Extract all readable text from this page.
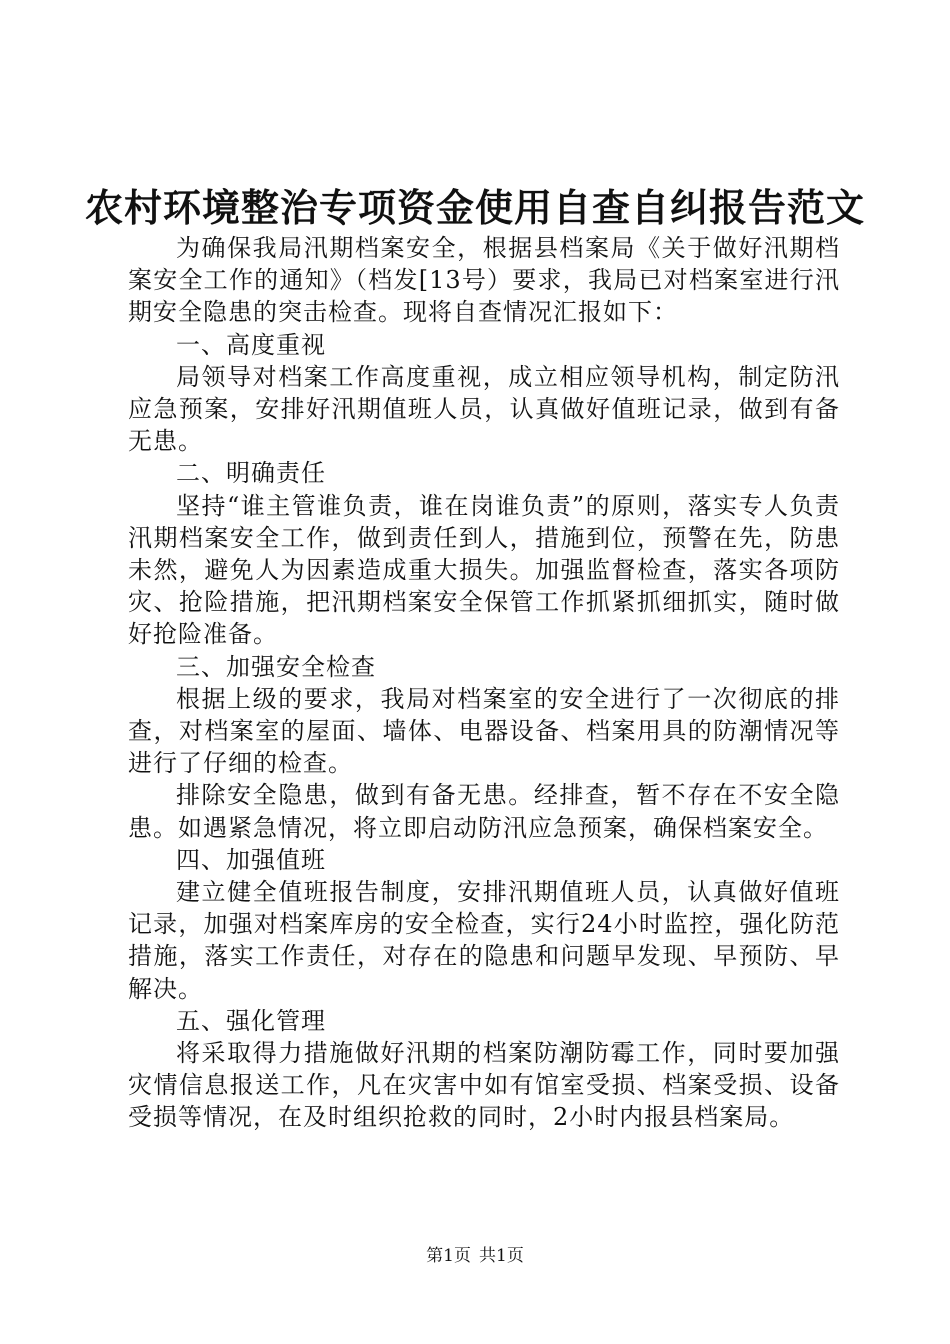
农村环境整治专项资金使用自查自纠报告范文

为确保我局汛期档案安全，根据县档案局《关于做好汛期档案安全工作的通知》（档发[13号）要求，我局已对档案室进行汛期安全隐患的突击检查。现将自查情况汇报如下：

一、高度重视

局领导对档案工作高度重视，成立相应领导机构，制定防汛应急预案，安排好汛期值班人员，认真做好值班记录，做到有备无患。

二、明确责任

坚持“谁主管谁负责，谁在岗谁负责”的原则，落实专人负责汛期档案安全工作，做到责任到人，措施到位，预警在先，防患未然，避免人为因素造成重大损失。加强监督检查，落实各项防灾、抢险措施，把汛期档案安全保管工作抓紧抓细抓实，随时做好抢险准备。

三、加强安全检查

根据上级的要求，我局对档案室的安全进行了一次彻底的排查，对档案室的屋面、墙体、电器设备、档案用具的防潮情况等进行了仔细的检查。

排除安全隐患，做到有备无患。经排查，暂不存在不安全隐患。如遇紧急情况，将立即启动防汛应急预案，确保档案安全。

四、加强值班

建立健全值班报告制度，安排汛期值班人员，认真做好值班记录，加强对档案库房的安全检查，实行24小时监控，强化防范措施，落实工作责任，对存在的隐患和问题早发现、早预防、早解决。

五、强化管理

将采取得力措施做好汛期的档案防潮防霉工作，同时要加强灾情信息报送工作，凡在灾害中如有馆室受损、档案受损、设备受损等情况，在及时组织抢救的同时，2小时内报县档案局。

第1页 共1页
